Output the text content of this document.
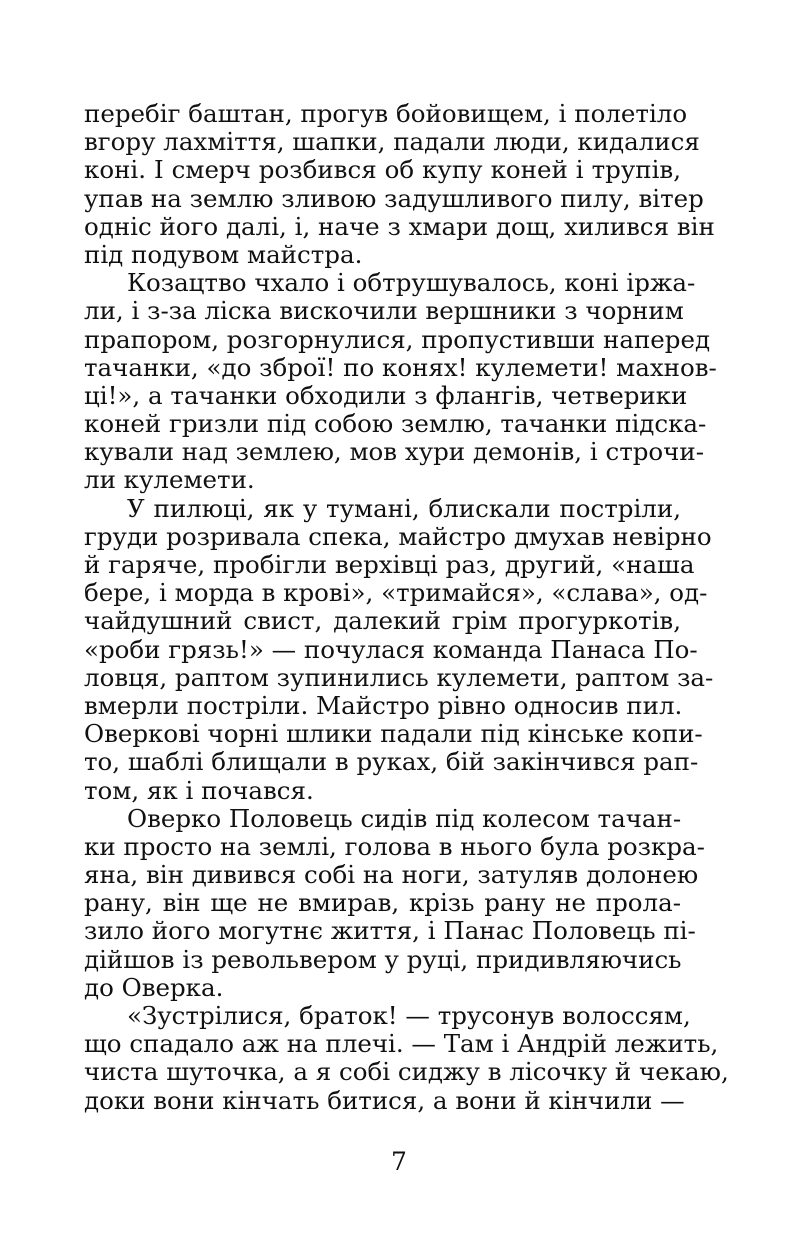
перебіг баштан, прогув бойовищем, і полетіло
вгору лахміття, шапки, падали люди, кидалися
коні. І смерч розбився об купу коней і трупів,
упав на землю зливою задушливого пилу, вітер
одніс його далі, і, наче з хмари дощ, хилився він
під подувом майстра.
Козацтво чхало і обтрушувалось, коні іржа-
ли, і з-за ліска вискочили вершники з чорним
прапором, розгорнулися, пропустивши наперед
тачанки, «до зброї! по конях! кулемети! махнов-
ці!», а тачанки обходили з флангів, четверики
коней гризли під собою землю, тачанки підска-
кували над землею, мов хури демонів, і строчи-
ли кулемети.
У пилюці, як у тумані, блискали постріли,
груди розривала спека, майстро дмухав невірно
й гаряче, пробігли верхівці раз, другий, «наша
бере, і морда в крові», «тримайся», «слава», од-
чайдушний свист, далекий грім прогуркотів,
«роби грязь!» — почулася команда Панаса По-
ловця, раптом зупинились кулемети, раптом за-
вмерли постріли. Майстро рівно односив пил.
Оверкові чорні шлики падали під кінське копи-
то, шаблі блищали в руках, бій закінчився рап-
том, як і почався.
Оверко Половець сидів під колесом тачан-
ки просто на землі, голова в нього була розкра-
яна, він дивився собі на ноги, затуляв долонею
рану, він ще не вмирав, крізь рану не прола-
зило його могутнє життя, і Панас Половець пі-
дійшов із револьвером у руці, придивляючись
до Оверка.
«Зустрілися, браток! — трусонув волоссям,
що спадало аж на плечі. — Там і Андрій лежить,
чиста шуточка, а я собі сиджу в лісочку й чекаю,
доки вони кінчать битися, а вони й кінчили —
7
